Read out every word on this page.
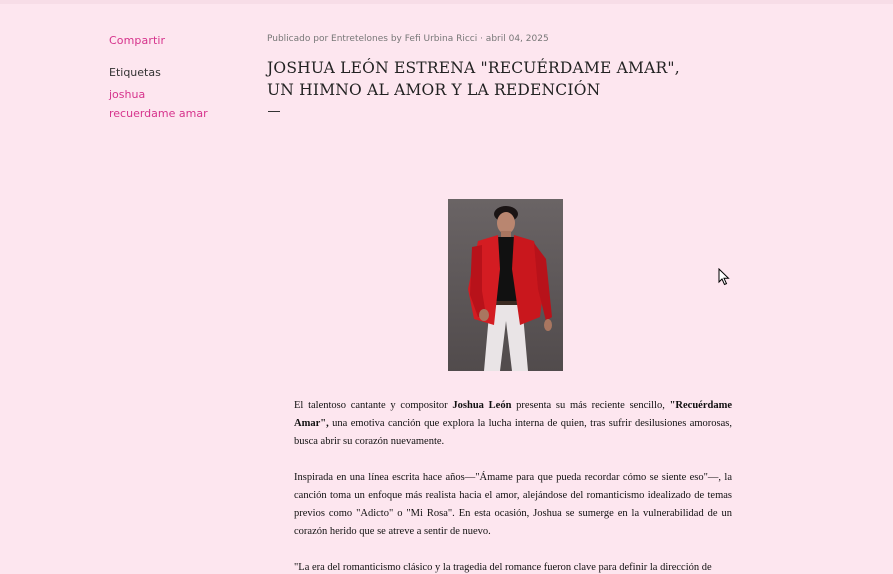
Compartir
Etiquetas
joshua
recuerdame amar
Publicado por Entretelones by Fefi Urbina Ricci · abril 04, 2025
JOSHUA LEÓN ESTRENA "RECUÉRDAME AMAR", UN HIMNO AL AMOR Y LA REDENCIÓN

El talentoso cantante y compositor Joshua León presenta su más reciente sencillo, "Recuérdame Amar", una emotiva canción que explora la lucha interna de quien, tras sufrir desilusiones amorosas, busca abrir su corazón nuevamente.

Inspirada en una línea escrita hace años—"Ámame para que pueda recordar cómo se siente eso"—, la canción toma un enfoque más realista hacia el amor, alejándose del romanticismo idealizado de temas previos como "Adicto" o "Mi Rosa". En esta ocasión, Joshua se sumerge en la vulnerabilidad de un corazón herido que se atreve a sentir de nuevo.

"La era del romanticismo clásico y la tragedia del romance fueron clave para definir la dirección de
